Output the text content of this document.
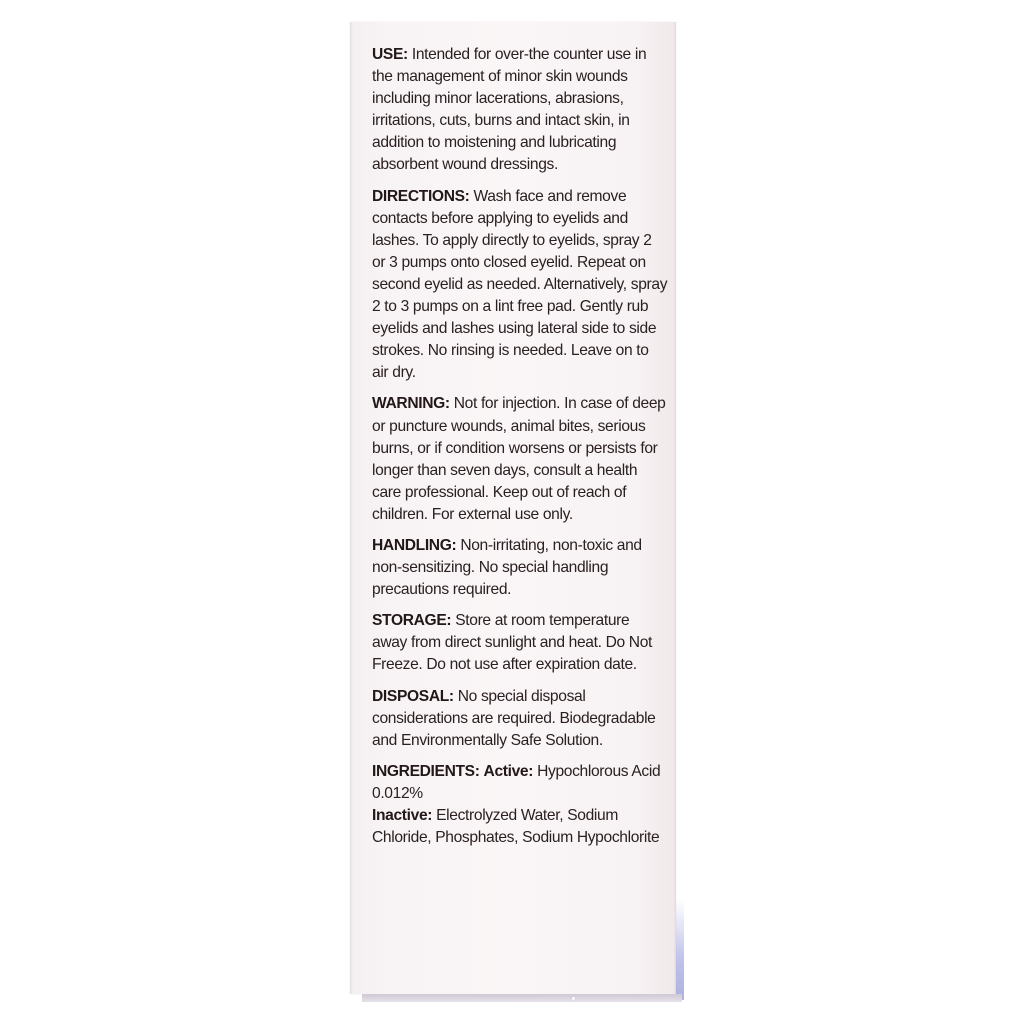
USE: Intended for over-the counter use in the management of minor skin wounds including minor lacerations, abrasions, irritations, cuts, burns and intact skin, in addition to moistening and lubricating absorbent wound dressings.

DIRECTIONS: Wash face and remove contacts before applying to eyelids and lashes. To apply directly to eyelids, spray 2 or 3 pumps onto closed eyelid. Repeat on second eyelid as needed. Alternatively, spray 2 to 3 pumps on a lint free pad. Gently rub eyelids and lashes using lateral side to side strokes. No rinsing is needed. Leave on to air dry.

WARNING: Not for injection. In case of deep or puncture wounds, animal bites, serious burns, or if condition worsens or persists for longer than seven days, consult a health care professional. Keep out of reach of children. For external use only.

HANDLING: Non-irritating, non-toxic and non-sensitizing. No special handling precautions required.

STORAGE: Store at room temperature away from direct sunlight and heat. Do Not Freeze. Do not use after expiration date.

DISPOSAL: No special disposal considerations are required. Biodegradable and Environmentally Safe Solution.

INGREDIENTS: Active: Hypochlorous Acid 0.012%
Inactive: Electrolyzed Water, Sodium Chloride, Phosphates, Sodium Hypochlorite
